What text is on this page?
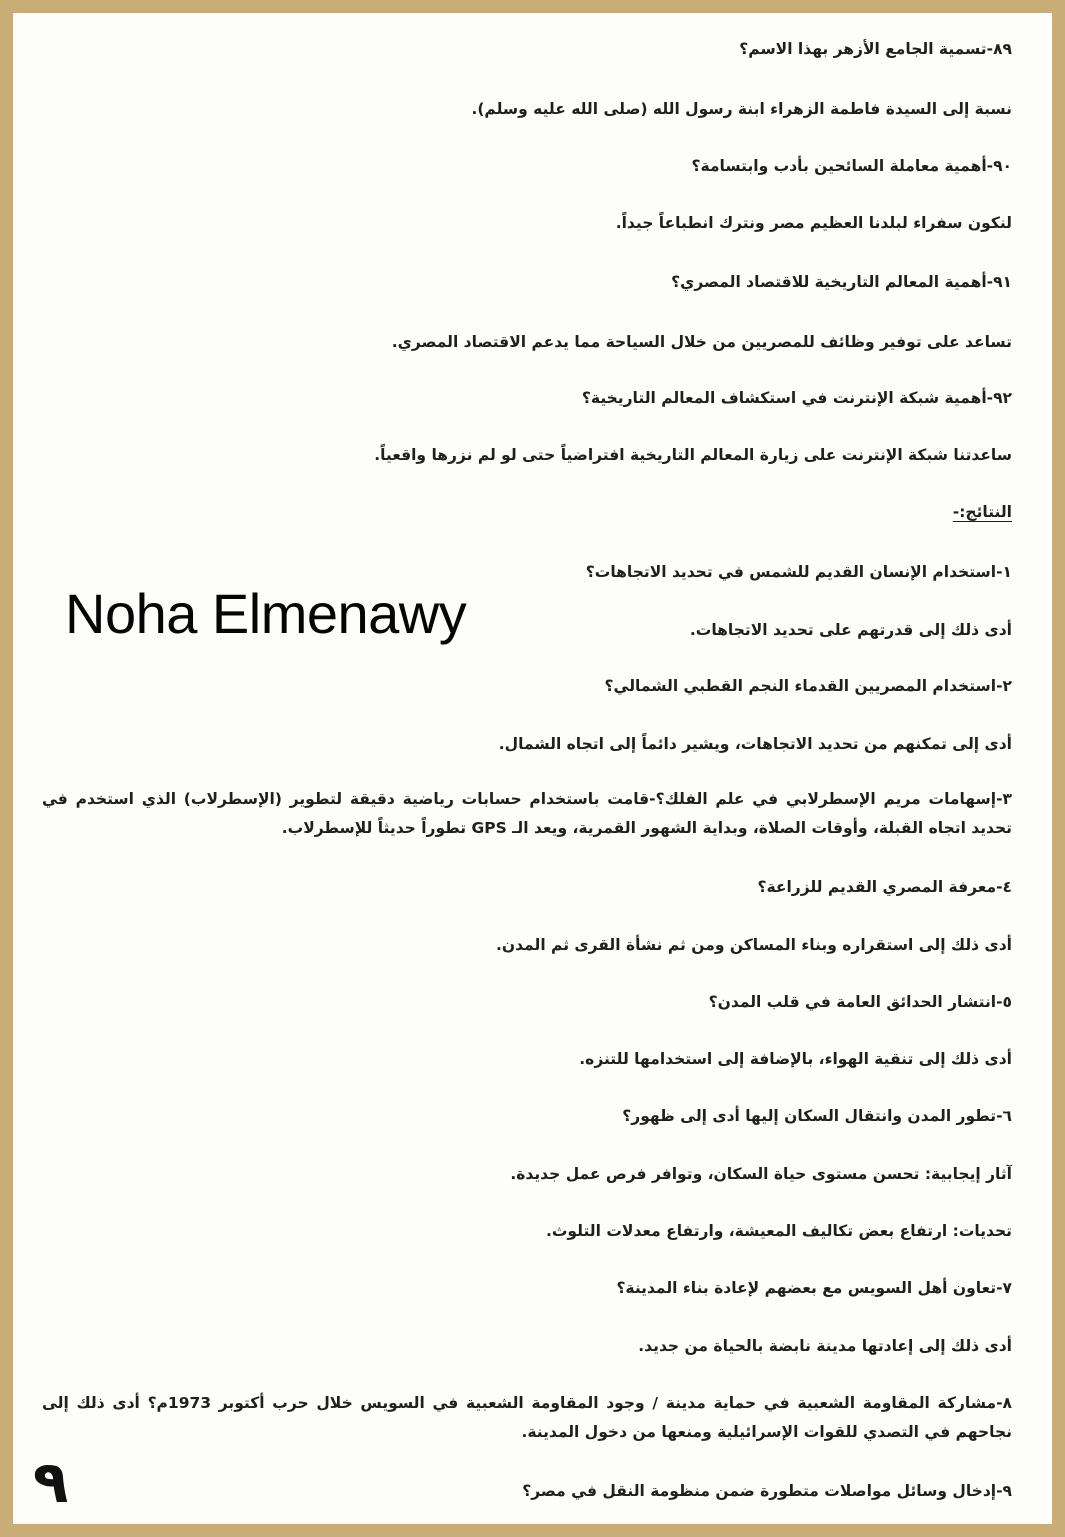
٨٩-تسمية الجامع الأزهر بهذا الاسم؟
نسبة إلى السيدة فاطمة الزهراء ابنة رسول الله (صلى الله عليه وسلم).
٩٠-أهمية معاملة السائحين بأدب وابتسامة؟
لنكون سفراء لبلدنا العظيم مصر ونترك انطباعاً جيداً.
٩١-أهمية المعالم التاريخية للاقتصاد المصري؟
تساعد على توفير وظائف للمصريين من خلال السياحة مما يدعم الاقتصاد المصري.
٩٢-أهمية شبكة الإنترنت في استكشاف المعالم التاريخية؟
ساعدتنا شبكة الإنترنت على زيارة المعالم التاريخية افتراضياً حتى لو لم نزرها واقعياً.
النتائج:-
١-استخدام الإنسان القديم للشمس في تحديد الاتجاهات؟
أدى ذلك إلى قدرتهم على تحديد الاتجاهات.
٢-استخدام المصريين القدماء النجم القطبي الشمالي؟
أدى إلى تمكنهم من تحديد الاتجاهات، ويشير دائماً إلى اتجاه الشمال.
٣-إسهامات مريم الإسطرلابي في علم الفلك؟-قامت باستخدام حسابات رياضية دقيقة لتطوير (الإسطرلاب) الذي استخدم في تحديد اتجاه القبلة، وأوقات الصلاة، وبداية الشهور القمرية، ويعد الـ GPS تطوراً حديثاً للإسطرلاب.
٤-معرفة المصري القديم للزراعة؟
أدى ذلك إلى استقراره وبناء المساكن ومن ثم نشأة القرى ثم المدن.
٥-انتشار الحدائق العامة في قلب المدن؟
أدى ذلك إلى تنقية الهواء، بالإضافة إلى استخدامها للتنزه.
٦-تطور المدن وانتقال السكان إليها أدى إلى ظهور؟
آثار إيجابية: تحسن مستوى حياة السكان، وتوافر فرص عمل جديدة.
تحديات: ارتفاع بعض تكاليف المعيشة، وارتفاع معدلات التلوث.
٧-تعاون أهل السويس مع بعضهم لإعادة بناء المدينة؟
أدى ذلك إلى إعادتها مدينة نابضة بالحياة من جديد.
٨-مشاركة المقاومة الشعبية في حماية مدينة / وجود المقاومة الشعبية في السويس خلال حرب أكتوبر 1973م؟ أدى ذلك إلى نجاحهم في التصدي للقوات الإسرائيلية ومنعها من دخول المدينة.
٩-إدخال وسائل مواصلات متطورة ضمن منظومة النقل في مصر؟
Noha Elmenawy
٩
